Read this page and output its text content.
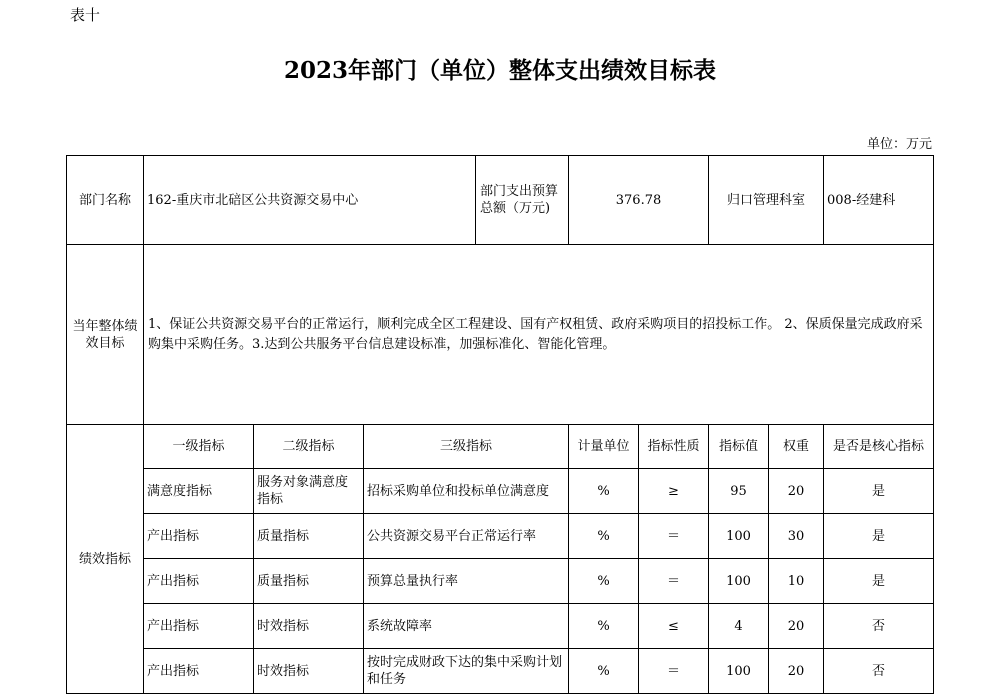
表十
2023年部门（单位）整体支出绩效目标表
单位：万元
部门名称	162-重庆市北碚区公共资源交易中心
部门支出预算总额（万元)			376.78		归口管理科室		008-经建科
当年整体绩效目标	1、保证公共资源交易平台的正常运行，顺利完成全区工程建设、国有产权租赁、政府采购项目的招投标工作。 2、保质保量完成政府采购集中采购任务。3.达到公共服务平台信息建设标准，加强标准化、智能化管理。							
绩效指标	一级指标	二级指标	三级指标	计量单位	指标性质	指标值	权重	是否是核心指标
	满意度指标	服务对象满意度指标	招标采购单位和投标单位满意度	%	≥	95	20	是
	产出指标	质量指标	公共资源交易平台正常运行率	%	＝	100	30	是
	产出指标	质量指标	预算总量执行率	%	＝	100	10	是
	产出指标	时效指标	系统故障率	%	≤	4	20	否
	产出指标	时效指标	按时完成财政下达的集中采购计划和任务	%	＝	100	20	否
